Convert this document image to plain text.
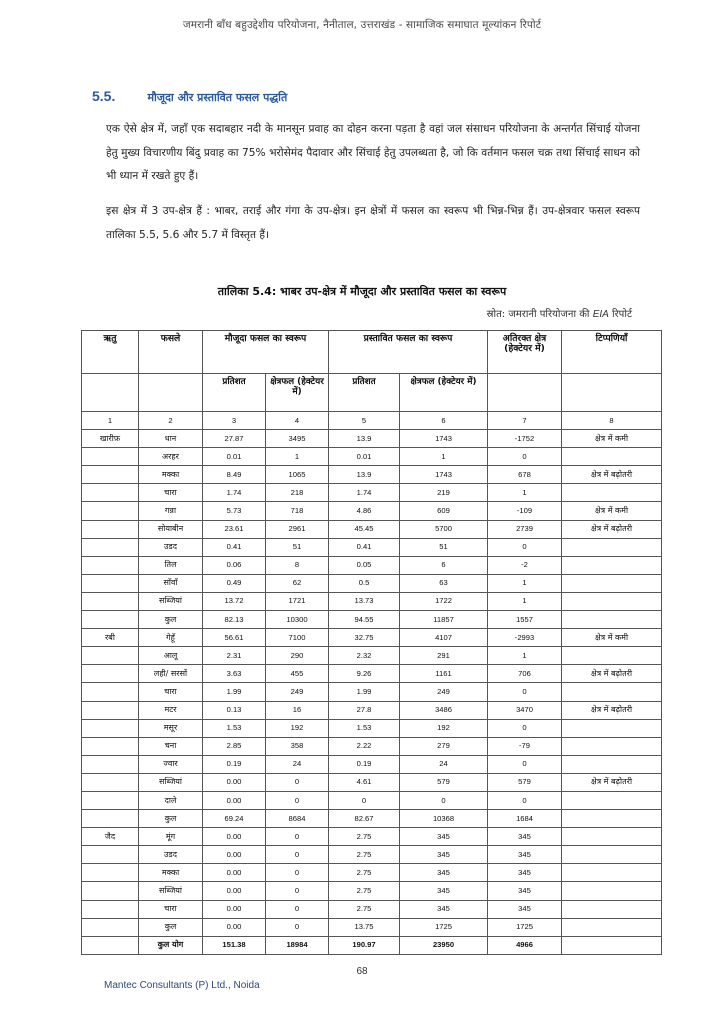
जमरानी बाँध बहुउद्देशीय परियोजना, नैनीताल, उत्तराखंड - सामाजिक समाघात मूल्यांकन रिपोर्ट
5.5.	मौजूदा और प्रस्तावित फसल पद्धति
एक ऐसे क्षेत्र में, जहाँ एक सदाबहार नदी के मानसून प्रवाह का दोहन करना पड़ता है वहां जल संसाधन परियोजना के अन्तर्गत सिंचाई योजना हेतु मुख्य विचारणीय बिंदु प्रवाह का 75% भरोसेमंद पैदावार और सिंचाई हेतु उपलब्धता है, जो कि वर्तमान फसल चक्र तथा सिंचाई साधन को भी ध्यान में रखते हुए हैं।
इस क्षेत्र में 3 उप-क्षेत्र हैं : भाबर, तराई और गंगा के उप-क्षेत्र। इन क्षेत्रों में फसल का स्वरूप भी भिन्न-भिन्न हैं। उप-क्षेत्रवार फसल स्वरूप तालिका 5.5, 5.6 और 5.7 में विस्तृत हैं।
तालिका 5.4: भाबर उप-क्षेत्र में मौजूदा और प्रस्तावित फसल का स्वरूप
स्रोत: जमरानी परियोजना की EIA रिपोर्ट
ऋतु	फसले	मौजूदा फसल का स्वरूप		प्रस्तावित फसल का स्वरूप		अतिरक्त क्षेत्र (हेक्टेयर में)	टिप्पणियाँ
		प्रतिशत	क्षेत्रफल (हेक्टेयर में)	प्रतिशत	क्षेत्रफल (हेक्टेयर में)		
1	2	3	4	5	6	7	8
खारीफ़	धान	27.87	3495	13.9	1743	-1752	क्षेत्र में कमी
	अरहर	0.01	1	0.01	1	0	
	मक्का	8.49	1065	13.9	1743	678	क्षेत्र में बढ़ोतरी
	चारा	1.74	218	1.74	219	1	
	गन्ना	5.73	718	4.86	609	-109	क्षेत्र में कमी
	सोयाबीन	23.61	2961	45.45	5700	2739	क्षेत्र में बढ़ोतरी
	उडद	0.41	51	0.41	51	0	
	तिल	0.06	8	0.05	6	-2	
	साँवाँ	0.49	62	0.5	63	1	
	सब्जियां	13.72	1721	13.73	1722	1	
	कुल	82.13	10300	94.55	11857	1557	
रबी	गेहूँ	56.61	7100	32.75	4107	-2993	क्षेत्र में कमी
	आलू	2.31	290	2.32	291	1	
	लही/ सरसों	3.63	455	9.26	1161	706	क्षेत्र में बढ़ोतरी
	चारा	1.99	249	1.99	249	0	
	मटर	0.13	16	27.8	3486	3470	क्षेत्र में बढ़ोतरी
	मसूर	1.53	192	1.53	192	0	
	चना	2.85	358	2.22	279	-79	
	ज्वार	0.19	24	0.19	24	0	
	सब्जियां	0.00	0	4.61	579	579	क्षेत्र में बढ़ोतरी
	दाले	0.00	0	0	0	0	
	कुल	69.24	8684	82.67	10368	1684	
जैद	मूंग	0.00	0	2.75	345	345	
	उडद	0.00	0	2.75	345	345	
	मक्का	0.00	0	2.75	345	345	
	सब्जियां	0.00	0	2.75	345	345	
	चारा	0.00	0	2.75	345	345	
	कुल	0.00	0	13.75	1725	1725	
	कुल योग	151.38	18984	190.97	23950	4966	
68
Mantec Consultants (P) Ltd., Noida
